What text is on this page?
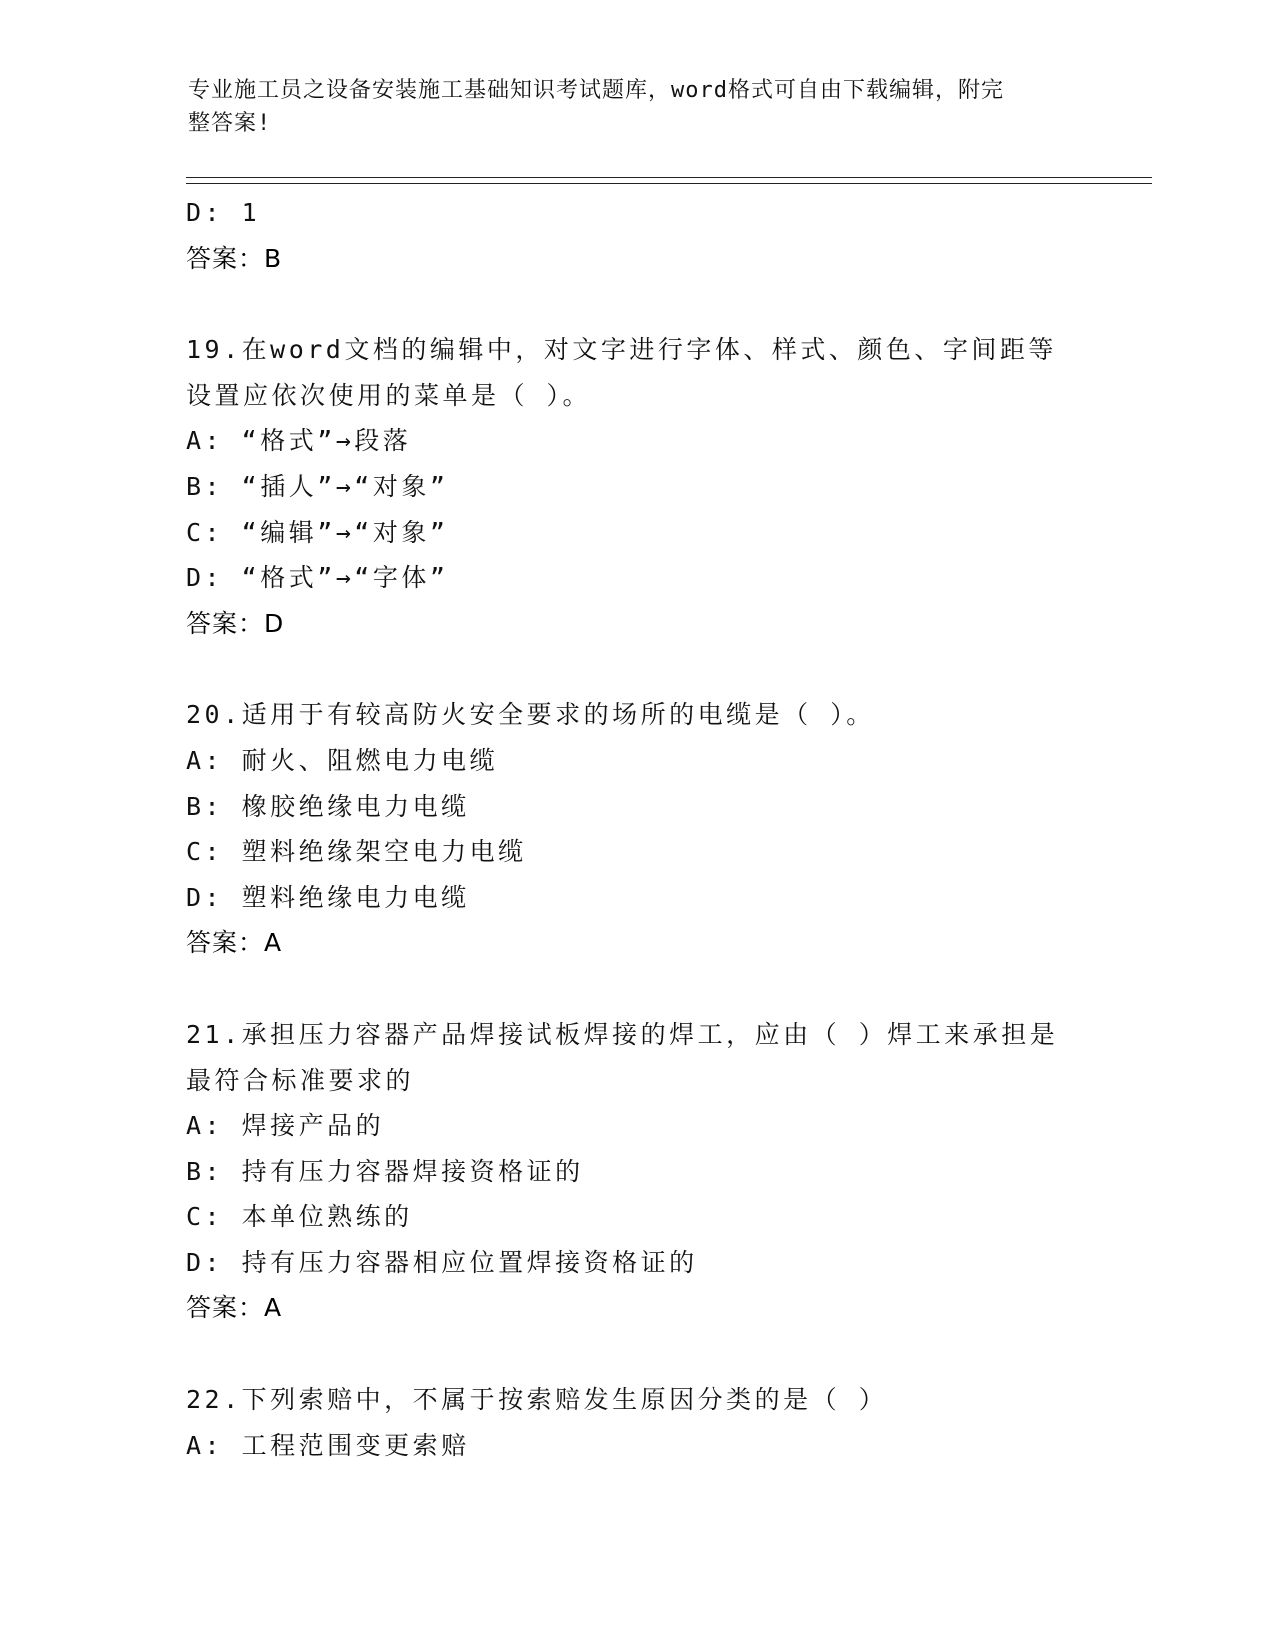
专业施工员之设备安装施工基础知识考试题库，word格式可自由下载编辑，附完
整答案!
D: 1
答案：B
19.在word文档的编辑中，对文字进行字体、样式、颜色、字间距等
设置应依次使用的菜单是（ ）。
A: “格式”→段落
B: “插人”→“对象”
C: “编辑”→“对象”
D: “格式”→“字体”
答案：D
20.适用于有较高防火安全要求的场所的电缆是（ ）。
A: 耐火、阻燃电力电缆
B: 橡胶绝缘电力电缆
C: 塑料绝缘架空电力电缆
D: 塑料绝缘电力电缆
答案：A
21.承担压力容器产品焊接试板焊接的焊工，应由（ ）焊工来承担是
最符合标准要求的
A: 焊接产品的
B: 持有压力容器焊接资格证的
C: 本单位熟练的
D: 持有压力容器相应位置焊接资格证的
答案：A
22.下列索赔中，不属于按索赔发生原因分类的是（ ）
A: 工程范围变更索赔
